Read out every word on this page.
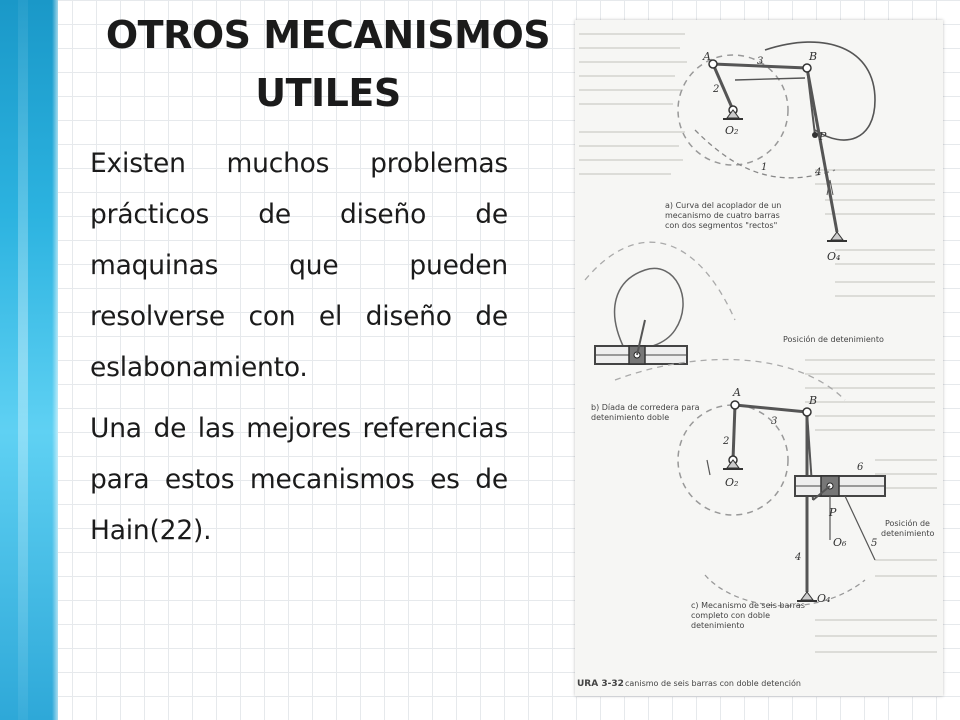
OTROS MECANISMOS
UTILES

Existen muchos problemas prácticos de diseño de maquinas que pueden resolverse con el diseño de eslabonamiento.

Una de las mejores referencias para estos mecanismos es de Hain(22).

A	B
3
2
P
O₂
O₄
4
1
a) Curva del acoplador de un
mecanismo de cuatro barras
con dos segmentos "rectos"
Posición de detenimiento
b) Díada de corredera para
detenimiento doble
A
B
3
2
O₂
6
P
O₆ 5
4
O₄
Posición de
detenimiento
c) Mecanismo de seis barras
completo con doble
detenimiento
URA 3-32 canismo de seis barras con doble detención
